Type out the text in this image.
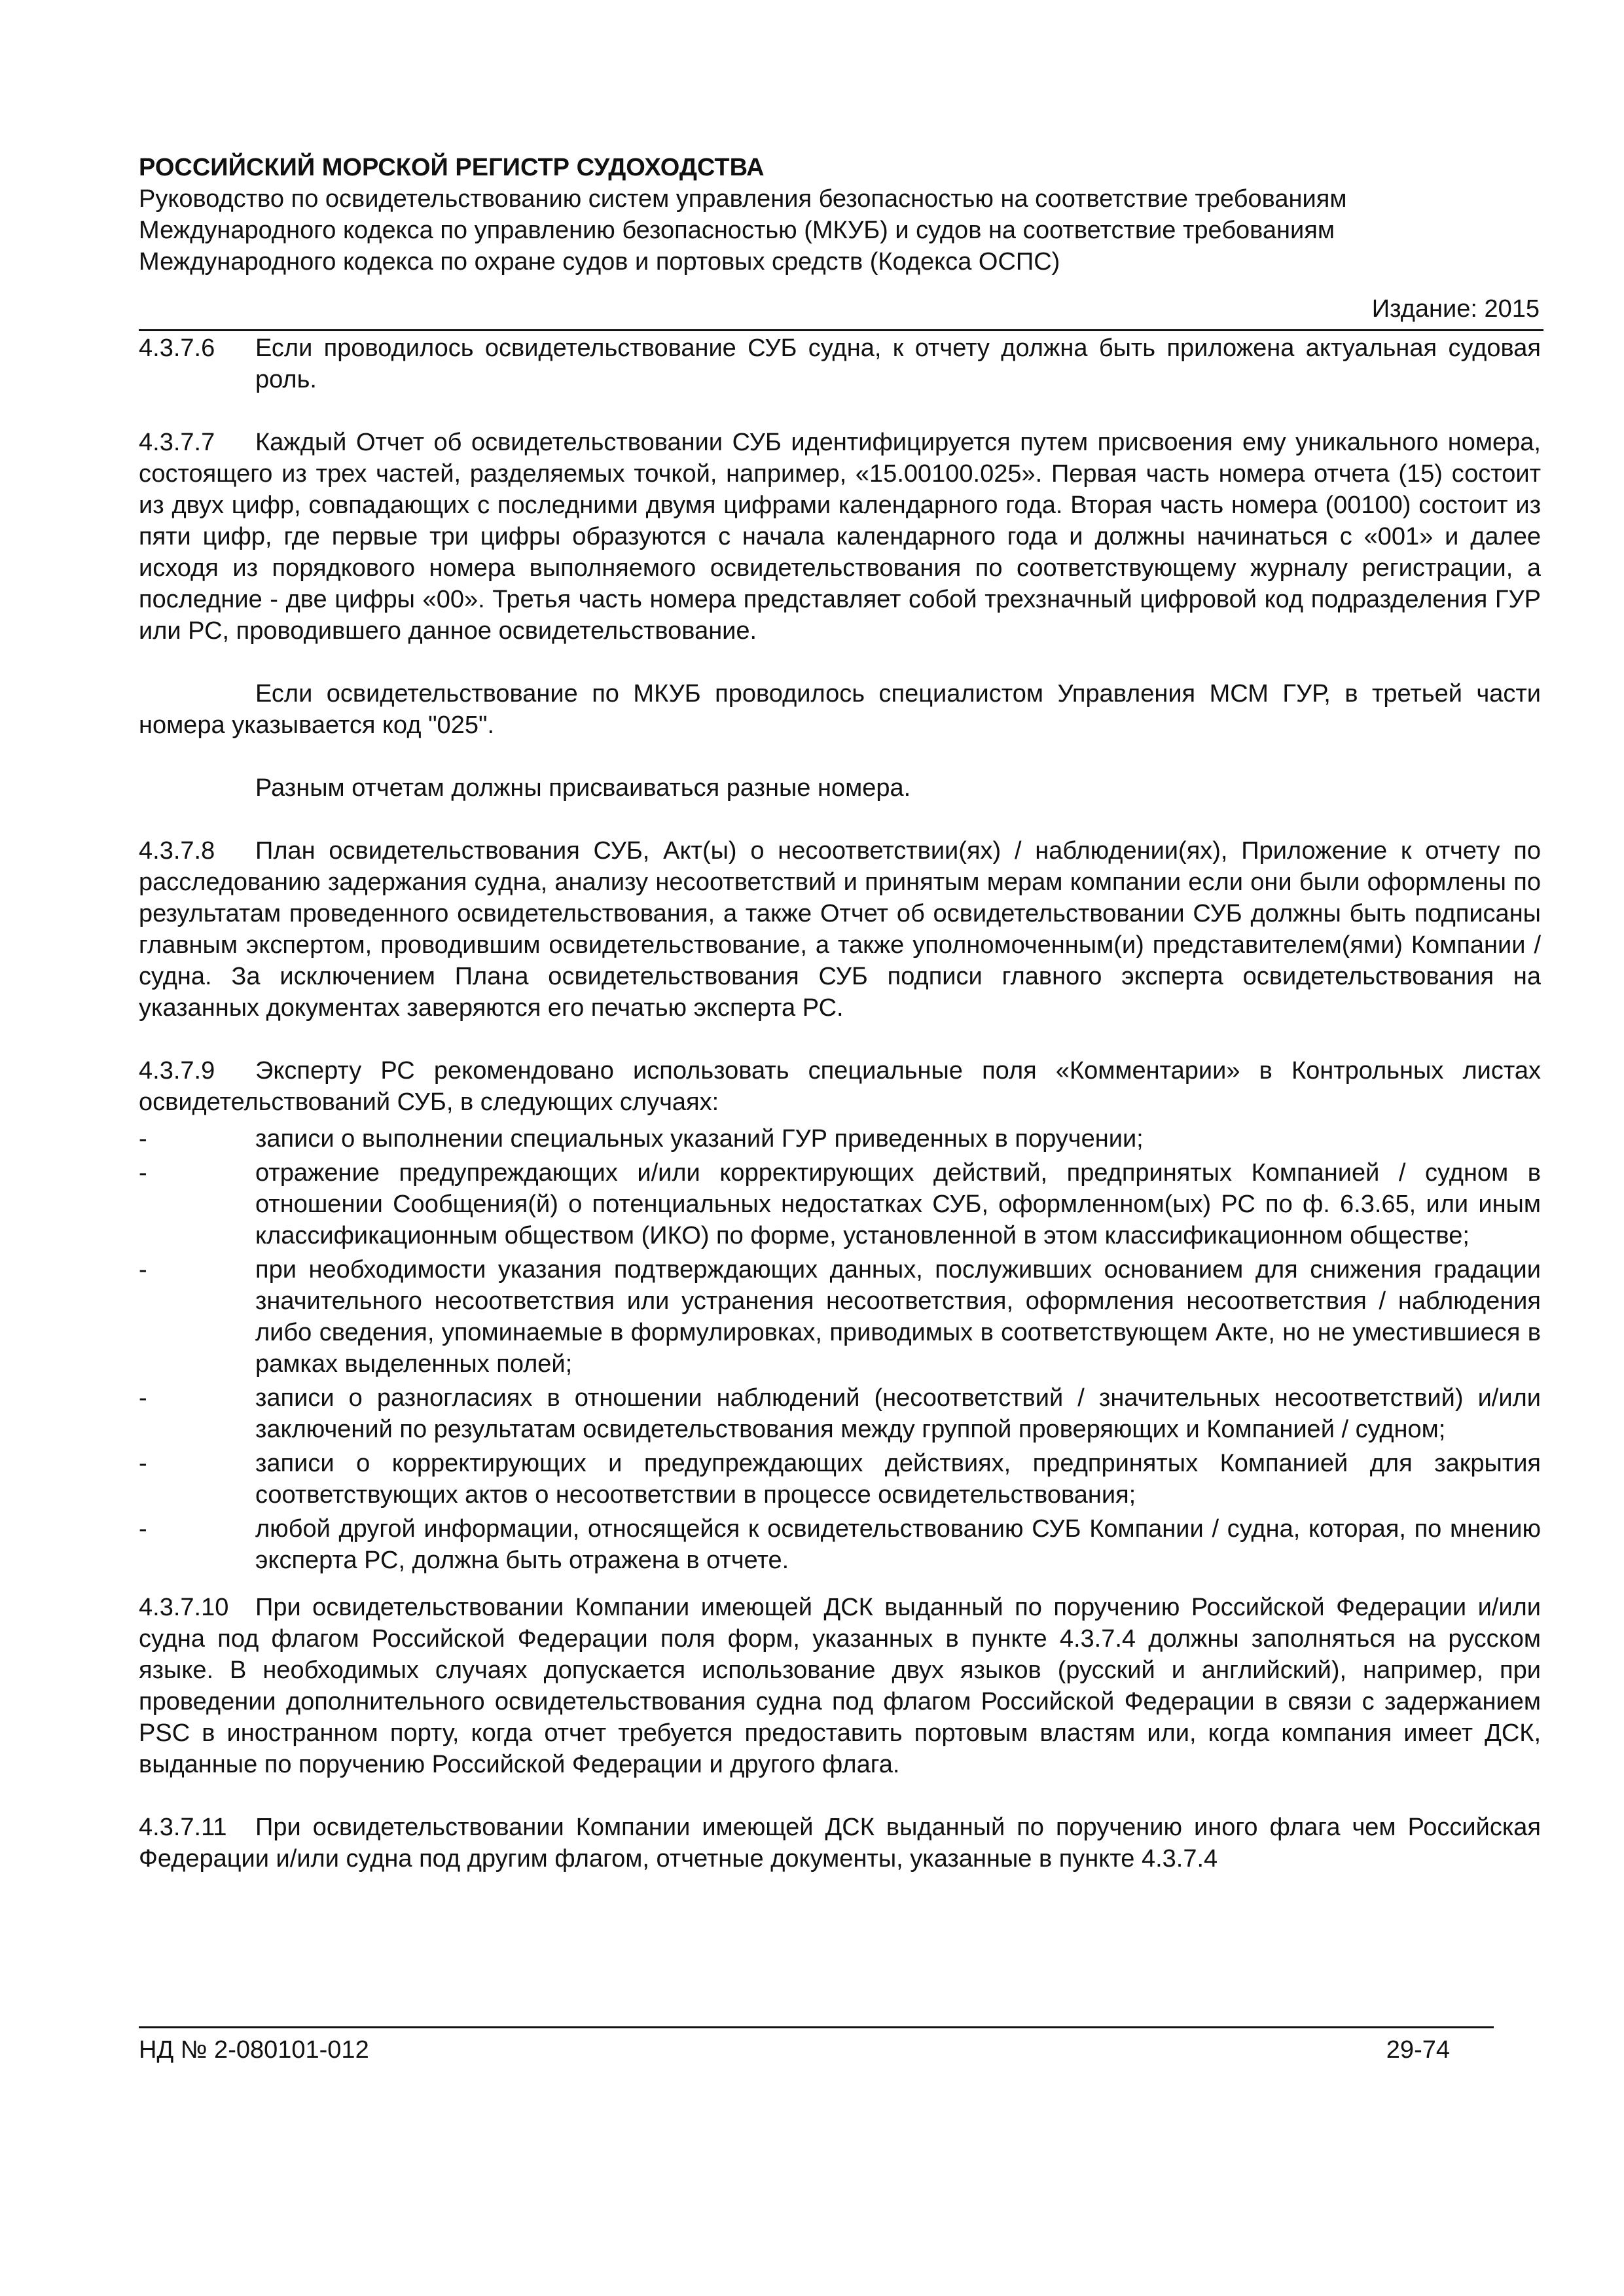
РОССИЙСКИЙ МОРСКОЙ РЕГИСТР СУДОХОДСТВА

Руководство по освидетельствованию систем управления безопасностью на соответствие требованиям

Международного кодекса по управлению безопасностью (МКУБ) и судов на соответствие требованиям

Международного кодекса по охране судов и портовых средств (Кодекса ОСПС)

Издание: 2015

4.3.7.6 Если проводилось освидетельствование СУБ судна, к отчету должна быть приложена актуальная судовая роль.

4.3.7.7 Каждый Отчет об освидетельствовании СУБ идентифицируется путем присвоения ему уникального номера, состоящего из трех частей, разделяемых точкой, например, «15.00100.025». Первая часть номера отчета (15) состоит из двух цифр, совпадающих с последними двумя цифрами календарного года. Вторая часть номера (00100) состоит из пяти цифр, где первые три цифры образуются с начала календарного года и должны начинаться с «001» и далее исходя из порядкового номера выполняемого освидетельствования по соответствующему журналу регистрации, а последние - две цифры «00». Третья часть номера представляет собой трехзначный цифровой код подразделения ГУР или РС, проводившего данное освидетельствование.

Если освидетельствование по МКУБ проводилось специалистом Управления МСМ ГУР, в третьей части номера указывается код "025".

Разным отчетам должны присваиваться разные номера.

4.3.7.8 План освидетельствования СУБ, Акт(ы) о несоответствии(ях) / наблюдении(ях), Приложение к отчету по расследованию задержания судна, анализу несоответствий и принятым мерам компании если они были оформлены по результатам проведенного освидетельствования, а также Отчет об освидетельствовании СУБ должны быть подписаны главным экспертом, проводившим освидетельствование, а также уполномоченным(и) представителем(ями) Компании / судна. За исключением Плана освидетельствования СУБ подписи главного эксперта освидетельствования на указанных документах заверяются его печатью эксперта РС.

4.3.7.9 Эксперту РС рекомендовано использовать специальные поля «Комментарии» в Контрольных листах освидетельствований СУБ, в следующих случаях:

-	записи о выполнении специальных указаний ГУР приведенных в поручении;
-	отражение предупреждающих и/или корректирующих действий, предпринятых Компанией / судном в отношении Сообщения(й) о потенциальных недостатках СУБ, оформленном(ых) РС по ф. 6.3.65, или иным классификационным обществом (ИКО) по форме, установленной в этом классификационном обществе;
-	при необходимости указания подтверждающих данных, послуживших основанием для снижения градации значительного несоответствия или устранения несоответствия, оформления несоответствия / наблюдения либо сведения, упоминаемые в формулировках, приводимых в соответствующем Акте, но не уместившиеся в рамках выделенных полей;
-	записи о разногласиях в отношении наблюдений (несоответствий / значительных несоответствий) и/или заключений по результатам освидетельствования между группой проверяющих и Компанией / судном;
-	записи о корректирующих и предупреждающих действиях, предпринятых Компанией для закрытия соответствующих актов о несоответствии в процессе освидетельствования;
-	любой другой информации, относящейся к освидетельствованию СУБ Компании / судна, которая, по мнению эксперта РС, должна быть отражена в отчете.

4.3.7.10 При освидетельствовании Компании имеющей ДСК выданный по поручению Российской Федерации и/или судна под флагом Российской Федерации поля форм, указанных в пункте 4.3.7.4 должны заполняться на русском языке. В необходимых случаях допускается использование двух языков (русский и английский), например, при проведении дополнительного освидетельствования судна под флагом Российской Федерации в связи с задержанием PSC в иностранном порту, когда отчет требуется предоставить портовым властям или, когда компания имеет ДСК, выданные по поручению Российской Федерации и другого флага.

4.3.7.11 При освидетельствовании Компании имеющей ДСК выданный по поручению иного флага чем Российская Федерации и/или судна под другим флагом, отчетные документы, указанные в пункте 4.3.7.4

НД № 2-080101-012	29-74
